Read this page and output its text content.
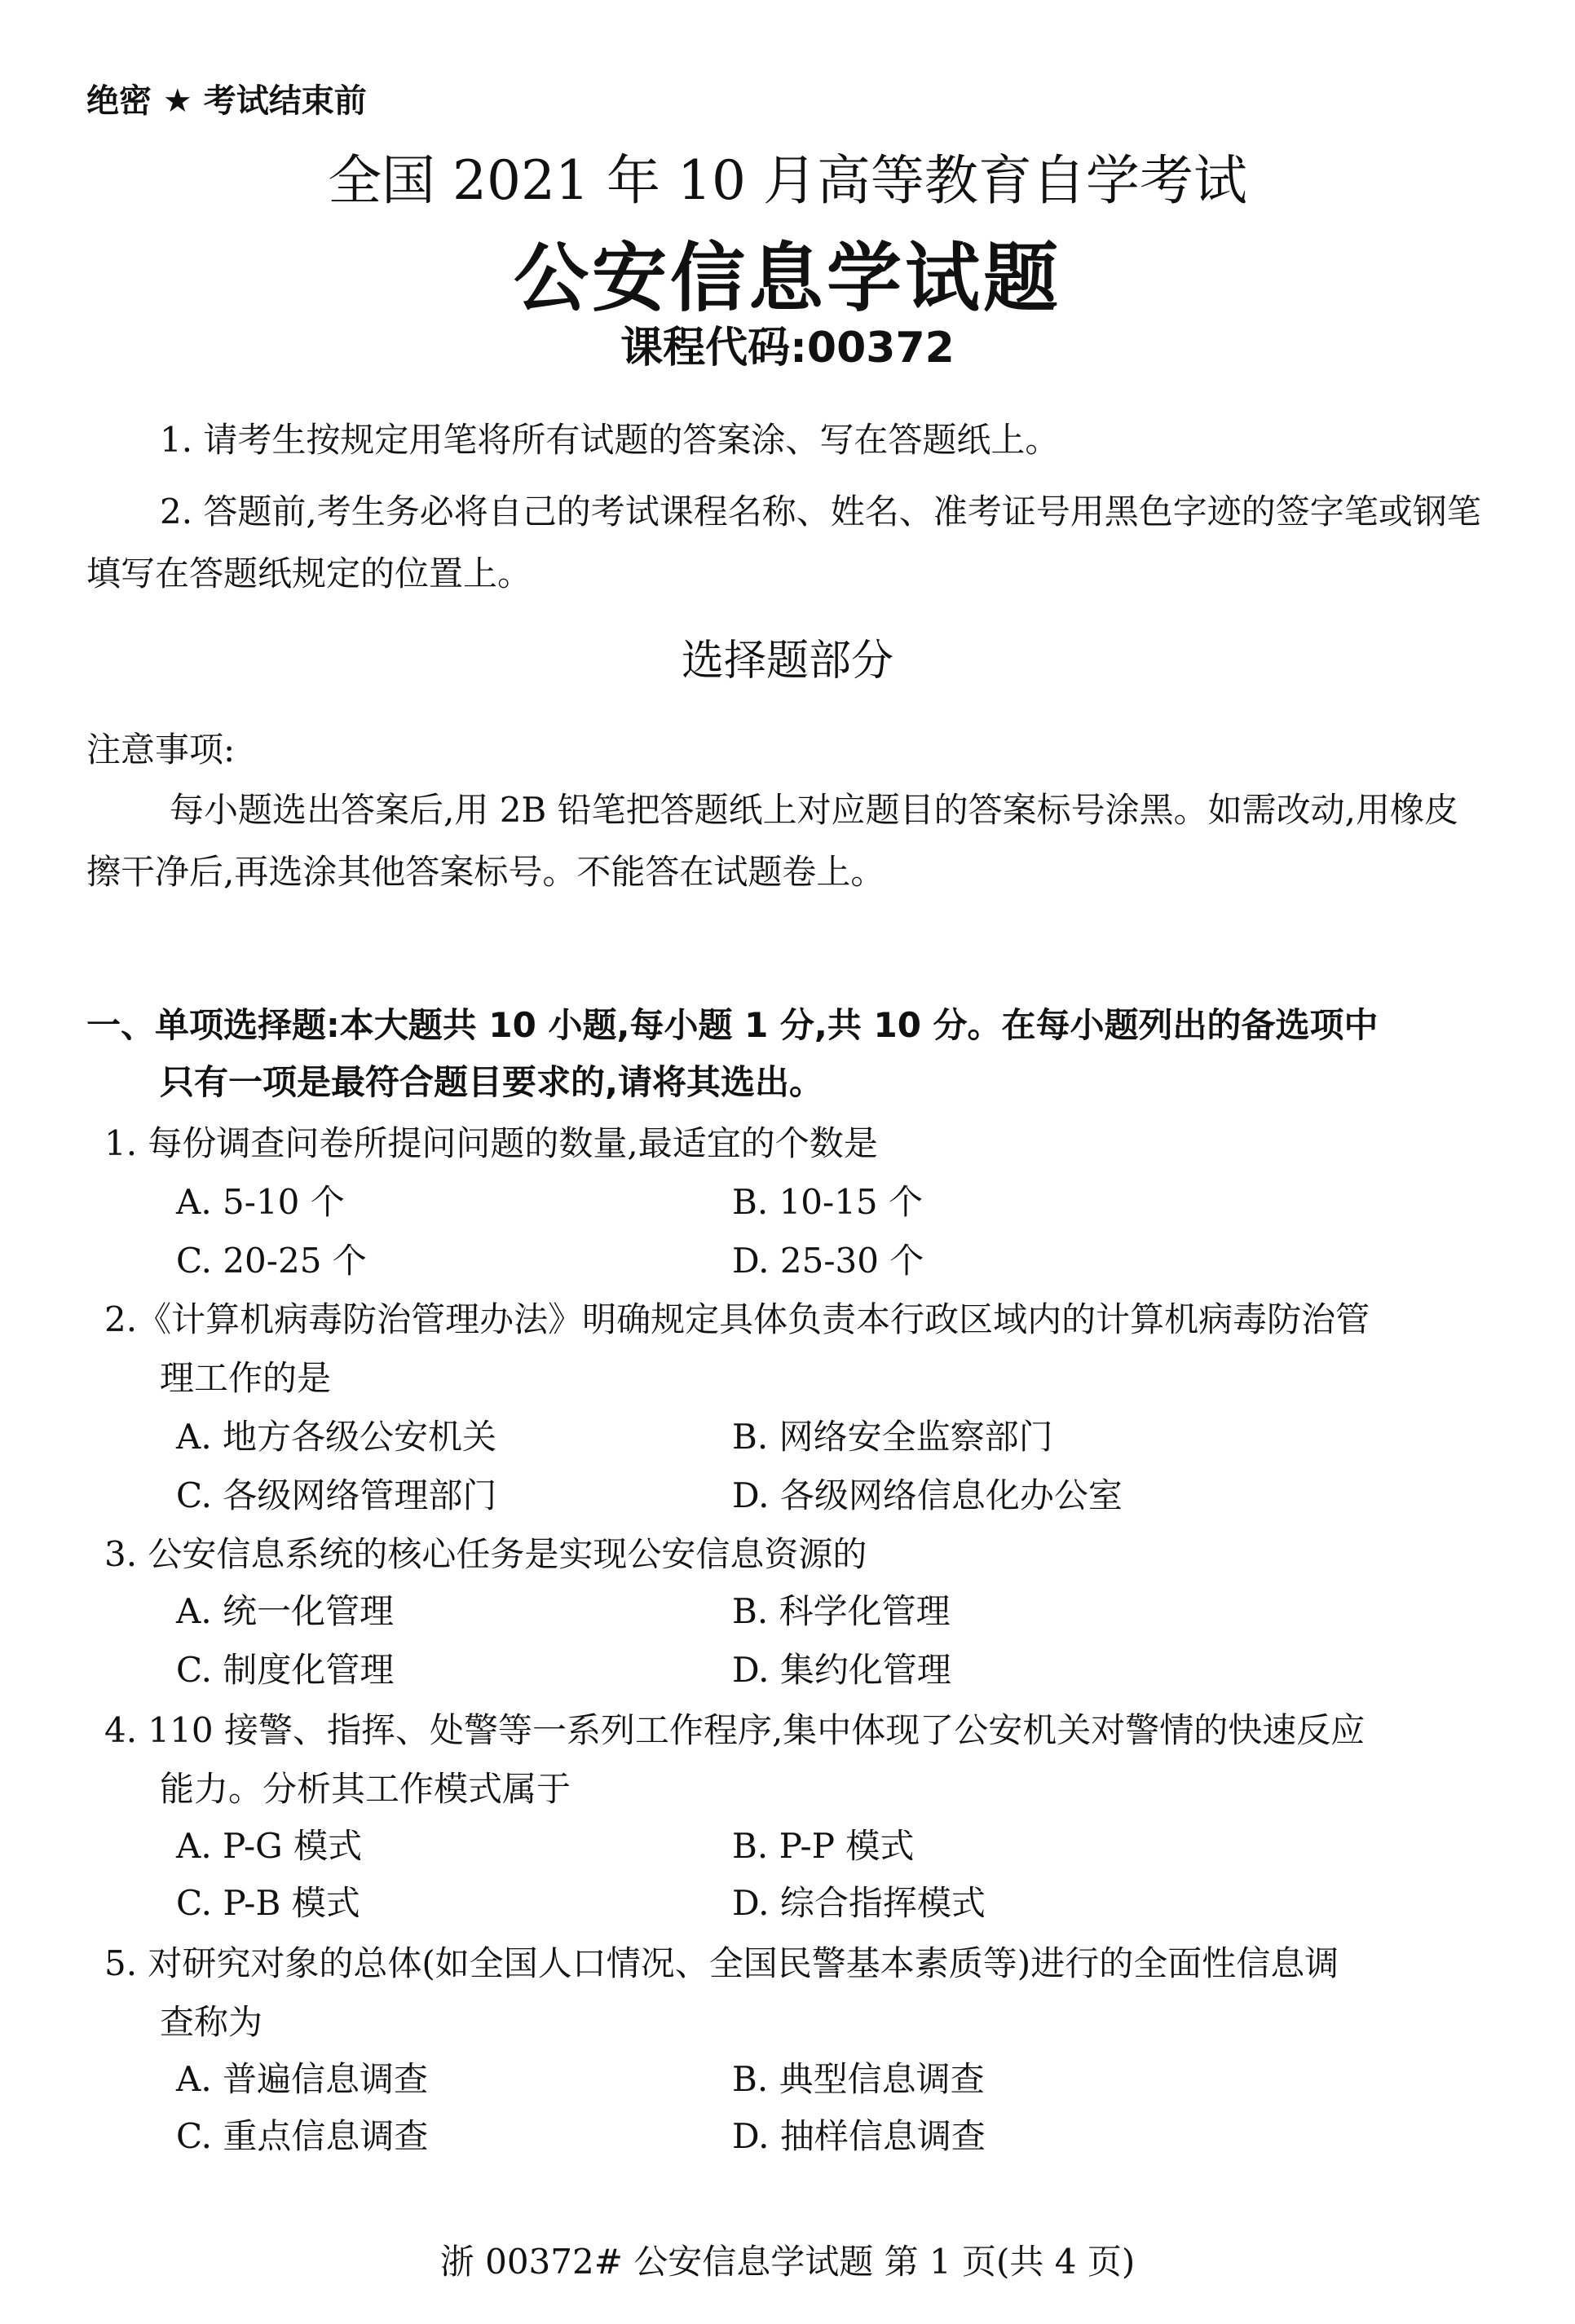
绝密 ★ 考试结束前
全国 2021 年 10 月高等教育自学考试
公安信息学试题
课程代码:00372
1. 请考生按规定用笔将所有试题的答案涂、写在答题纸上。
2. 答题前,考生务必将自己的考试课程名称、姓名、准考证号用黑色字迹的签字笔或钢笔
填写在答题纸规定的位置上。
选择题部分
注意事项:
每小题选出答案后,用 2B 铅笔把答题纸上对应题目的答案标号涂黑。如需改动,用橡皮
擦干净后,再选涂其他答案标号。不能答在试题卷上。
一、单项选择题:本大题共 10 小题,每小题 1 分,共 10 分。在每小题列出的备选项中
只有一项是最符合题目要求的,请将其选出。
1. 每份调查问卷所提问问题的数量,最适宜的个数是
A. 5-10 个	B. 10-15 个
C. 20-25 个	D. 25-30 个
2.《计算机病毒防治管理办法》明确规定具体负责本行政区域内的计算机病毒防治管
理工作的是
A. 地方各级公安机关	B. 网络安全监察部门
C. 各级网络管理部门	D. 各级网络信息化办公室
3. 公安信息系统的核心任务是实现公安信息资源的
A. 统一化管理	B. 科学化管理
C. 制度化管理	D. 集约化管理
4. 110 接警、指挥、处警等一系列工作程序,集中体现了公安机关对警情的快速反应
能力。分析其工作模式属于
A. P-G 模式	B. P-P 模式
C. P-B 模式	D. 综合指挥模式
5. 对研究对象的总体(如全国人口情况、全国民警基本素质等)进行的全面性信息调
查称为
A. 普遍信息调查	B. 典型信息调查
C. 重点信息调查	D. 抽样信息调查
浙 00372# 公安信息学试题 第 1 页(共 4 页)
